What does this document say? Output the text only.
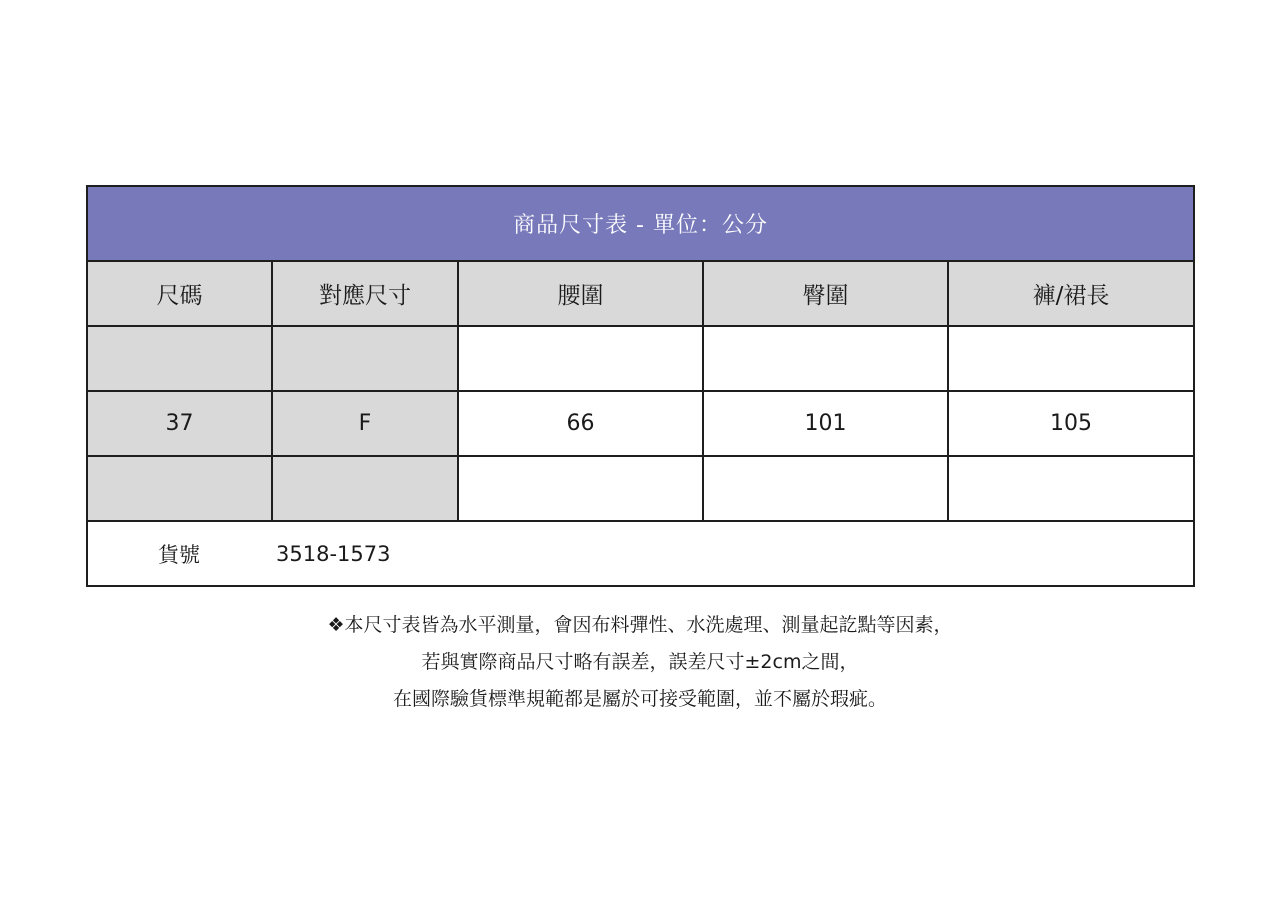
商品尺寸表 - 單位：公分				
尺碼	對應尺寸	腰圍	臀圍	褲/裙長

37	F	66	101	105

貨號 3518-1573				
❖本尺寸表皆為水平測量，會因布料彈性、水洗處理、測量起訖點等因素，
若與實際商品尺寸略有誤差，誤差尺寸±2cm之間，
在國際驗貨標準規範都是屬於可接受範圍，並不屬於瑕疵。
